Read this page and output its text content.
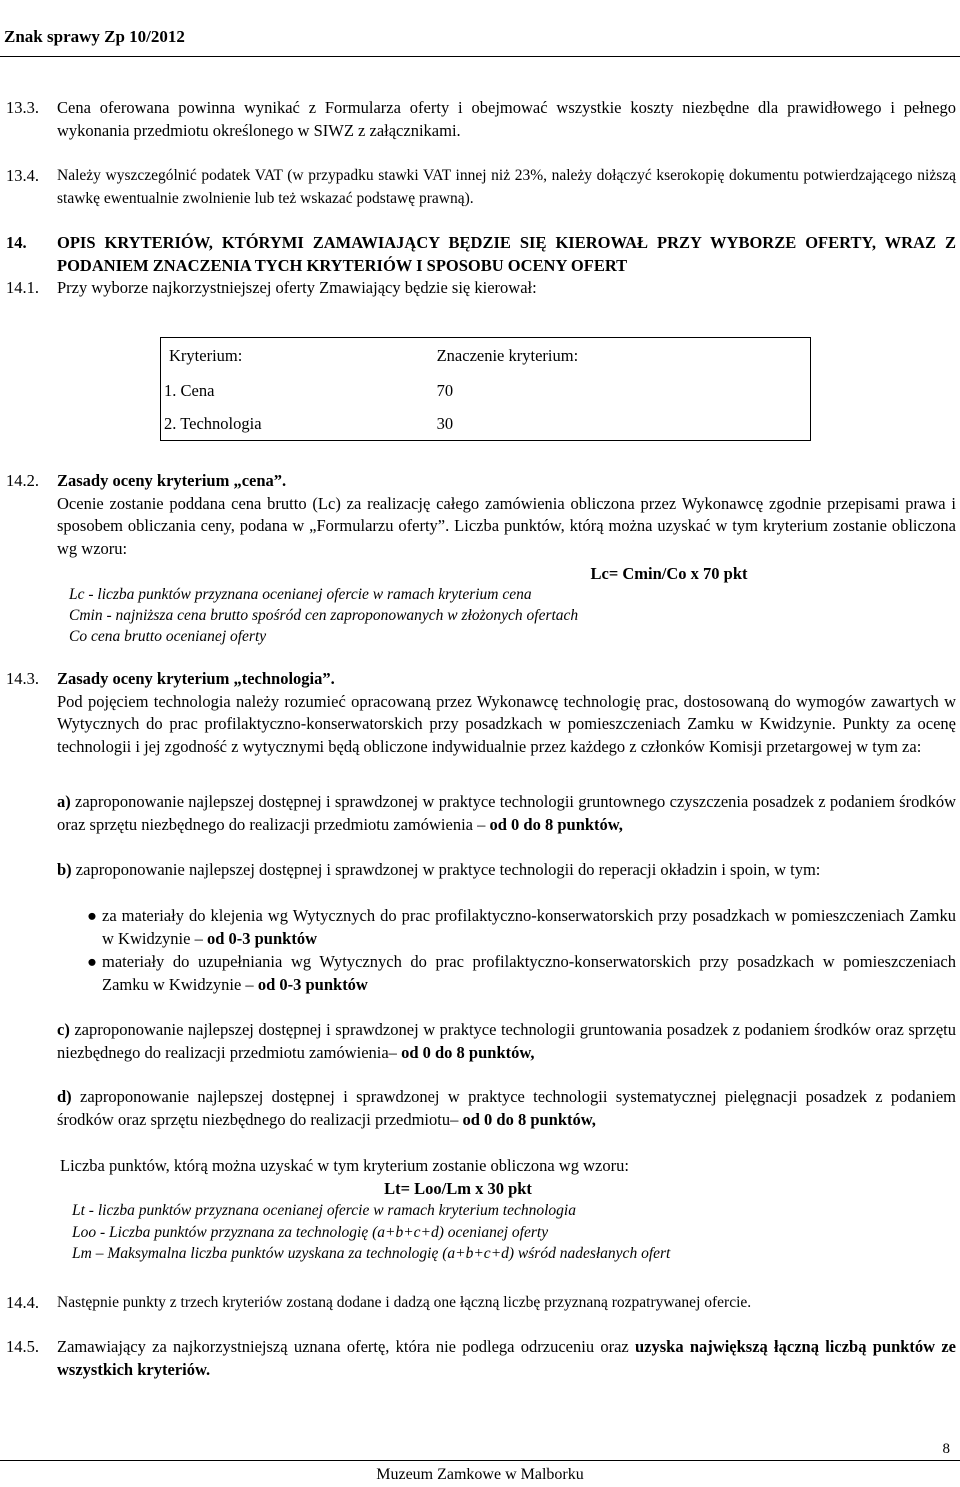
Znak sprawy Zp 10/2012
13.3. Cena oferowana powinna wynikać z Formularza oferty i obejmować wszystkie koszty niezbędne dla prawidłowego i pełnego wykonania przedmiotu określonego w SIWZ z załącznikami.
13.4. Należy wyszczególnić podatek VAT (w przypadku stawki VAT innej niż 23%, należy dołączyć kserokopię dokumentu potwierdzającego niższą stawkę ewentualnie zwolnienie lub też wskazać podstawę prawną).
14. OPIS KRYTERIÓW, KTÓRYMI ZAMAWIAJĄCY BĘDZIE SIĘ KIEROWAŁ PRZY WYBORZE OFERTY, WRAZ Z PODANIEM ZNACZENIA TYCH KRYTERIÓW I SPOSOBU OCENY OFERT
14.1. Przy wyborze najkorzystniejszej oferty Zmawiający będzie się kierował:
Kryterium:	Znaczenie kryterium:
1. Cena	70
2. Technologia	30
14.2. Zasady oceny kryterium „cena”.
Ocenie zostanie poddana cena brutto (Lc) za realizację całego zamówienia obliczona przez Wykonawcę zgodnie przepisami prawa i sposobem obliczania ceny, podana w „Formularzu oferty”. Liczba punktów, którą można uzyskać w tym kryterium zostanie obliczona wg wzoru:
Lc= Cmin/Co x 70 pkt
Lc - liczba punktów przyznana ocenianej ofercie w ramach kryterium cena
Cmin - najniższa cena brutto spośród cen zaproponowanych w złożonych ofertach
Co cena brutto ocenianej oferty
14.3. Zasady oceny kryterium „technologia”.
Pod pojęciem technologia należy rozumieć opracowaną przez Wykonawcę technologię prac, dostosowaną do wymogów zawartych w Wytycznych do prac profilaktyczno-konserwatorskich przy posadzkach w pomieszczeniach Zamku w Kwidzynie. Punkty za ocenę technologii i jej zgodność z wytycznymi będą obliczone indywidualnie przez każdego z członków Komisji przetargowej w tym za:
a) zaproponowanie najlepszej dostępnej i sprawdzonej w praktyce technologii gruntownego czyszczenia posadzek z podaniem środków oraz sprzętu niezbędnego do realizacji przedmiotu zamówienia – od 0 do 8 punktów,
b) zaproponowanie najlepszej dostępnej i sprawdzonej w praktyce technologii do reperacji okładzin i spoin, w tym:
● za materiały do klejenia wg Wytycznych do prac profilaktyczno-konserwatorskich przy posadzkach w pomieszczeniach Zamku w Kwidzynie – od 0-3 punktów
● materiały do uzupełniania wg Wytycznych do prac profilaktyczno-konserwatorskich przy posadzkach w pomieszczeniach Zamku w Kwidzynie – od 0-3 punktów
c) zaproponowanie najlepszej dostępnej i sprawdzonej w praktyce technologii gruntowania posadzek z podaniem środków oraz sprzętu niezbędnego do realizacji przedmiotu zamówienia– od 0 do 8 punktów,
d) zaproponowanie najlepszej dostępnej i sprawdzonej w praktyce technologii systematycznej pielęgnacji posadzek z podaniem środków oraz sprzętu niezbędnego do realizacji przedmiotu– od 0 do 8 punktów,
Liczba punktów, którą można uzyskać w tym kryterium zostanie obliczona wg wzoru:
Lt= Loo/Lm x 30 pkt
Lt - liczba punktów przyznana ocenianej ofercie w ramach kryterium technologia
Loo - Liczba punktów przyznana za technologię (a+b+c+d) ocenianej oferty
Lm – Maksymalna liczba punktów uzyskana za technologię (a+b+c+d) wśród nadesłanych ofert
14.4. Następnie punkty z trzech kryteriów zostaną dodane i dadzą one łączną liczbę przyznaną rozpatrywanej ofercie.
14.5. Zamawiający za najkorzystniejszą uznana ofertę, która nie podlega odrzuceniu oraz uzyska największą łączną liczbą punktów ze wszystkich kryteriów.
8
Muzeum Zamkowe w Malborku
